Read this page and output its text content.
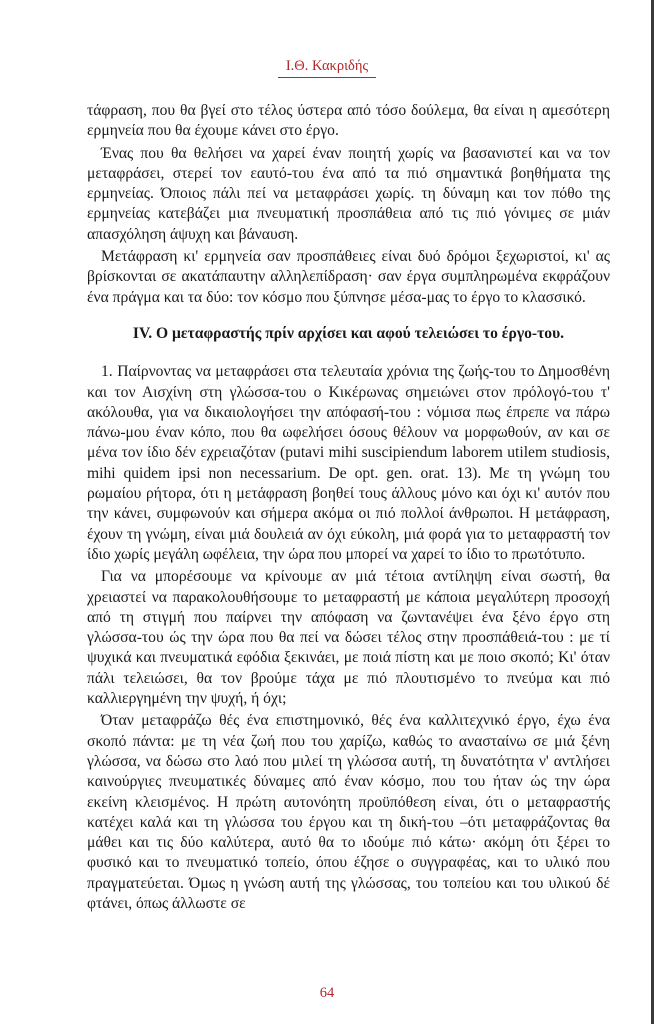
Ι.Θ. Κακριδής

τάφραση, που θα βγεί στο τέλος ύστερα από τόσο δούλεμα, θα είναι η αμεσότερη ερμηνεία που θα έχουμε κάνει στο έργο.

Ένας που θα θελήσει να χαρεί έναν ποιητή χωρίς να βασανιστεί και να τον μεταφράσει, στερεί τον εαυτό-του ένα από τα πιό σημαντικά βοηθήματα της ερμηνείας. Όποιος πάλι πεί να μεταφράσει χωρίς. τη δύναμη και τον πόθο της ερμηνείας κατεβάζει μια πνευματική προσπάθεια από τις πιό γόνιμες σε μιάν απασχόληση άψυχη και βάναυση.

Μετάφραση κι' ερμηνεία σαν προσπάθειες είναι δυό δρόμοι ξεχωριστοί, κι' ας βρίσκονται σε ακατάπαυτην αλληλεπίδραση· σαν έργα συμπληρωμένα εκφράζουν ένα πράγμα και τα δύο: τον κόσμο που ξύπνησε μέσα-μας το έργο το κλασσικό.

IV. Ο μεταφραστής πρίν αρχίσει και αφού τελειώσει το έργο-του.

1. Παίρνοντας να μεταφράσει στα τελευταία χρόνια της ζωής-του το Δημοσθένη και τον Αισχίνη στη γλώσσα-του ο Κικέρωνας σημειώνει στον πρόλογό-του τ' ακόλουθα, για να δικαιολογήσει την απόφασή-του : νόμισα πως έπρεπε να πάρω πάνω-μου έναν κόπο, που θα ωφελήσει όσους θέλουν να μορφωθούν, αν και σε μένα τον ίδιο δέν εχρειαζόταν (putavi mihi suscipiendum laborem utilem studiosis, mihi quidem ipsi non necessarium. De opt. gen. orat. 13). Με τη γνώμη του ρωμαίου ρήτορα, ότι η μετάφραση βοηθεί τους άλλους μόνο και όχι κι' αυτόν που την κάνει, συμφωνούν και σήμερα ακόμα οι πιό πολλοί άνθρωποι. Η μετάφραση, έχουν τη γνώμη, είναι μιά δουλειά αν όχι εύκολη, μιά φορά για το μεταφραστή τον ίδιο χωρίς μεγάλη ωφέλεια, την ώρα που μπορεί να χαρεί το ίδιο το πρωτότυπο.

Για να μπορέσουμε να κρίνουμε αν μιά τέτοια αντίληψη είναι σωστή, θα χρειαστεί να παρακολουθήσουμε το μεταφραστή με κάποια μεγαλύτερη προσοχή από τη στιγμή που παίρνει την απόφαση να ζωντανέψει ένα ξένο έργο στη γλώσσα-του ώς την ώρα που θα πεί να δώσει τέλος στην προσπάθειά-του : με τί ψυχικά και πνευματικά εφόδια ξεκινάει, με ποιά πίστη και με ποιο σκοπό; Κι' όταν πάλι τελειώσει, θα τον βρούμε τάχα με πιό πλουτισμένο το πνεύμα και πιό καλλιεργημένη την ψυχή, ή όχι;

Όταν μεταφράζω θές ένα επιστημονικό, θές ένα καλλιτεχνικό έργο, έχω ένα σκοπό πάντα: με τη νέα ζωή που του χαρίζω, καθώς το ανασταίνω σε μιά ξένη γλώσσα, να δώσω στο λαό που μιλεί τη γλώσσα αυτή, τη δυνατότητα ν' αντλήσει καινούργιες πνευματικές δύναμες από έναν κόσμο, που του ήταν ώς την ώρα εκείνη κλεισμένος. Η πρώτη αυτονόητη προϋπόθεση είναι, ότι ο μεταφραστής κατέχει καλά και τη γλώσσα του έργου και τη δική-του –ότι μεταφράζοντας θα μάθει και τις δύο καλύτερα, αυτό θα το ιδούμε πιό κάτω· ακόμη ότι ξέρει το φυσικό και το πνευματικό τοπείο, όπου έζησε ο συγγραφέας, και το υλικό που πραγματεύεται. Όμως η γνώση αυτή της γλώσσας, του τοπείου και του υλικού δέ φτάνει, όπως άλλωστε σε

64
